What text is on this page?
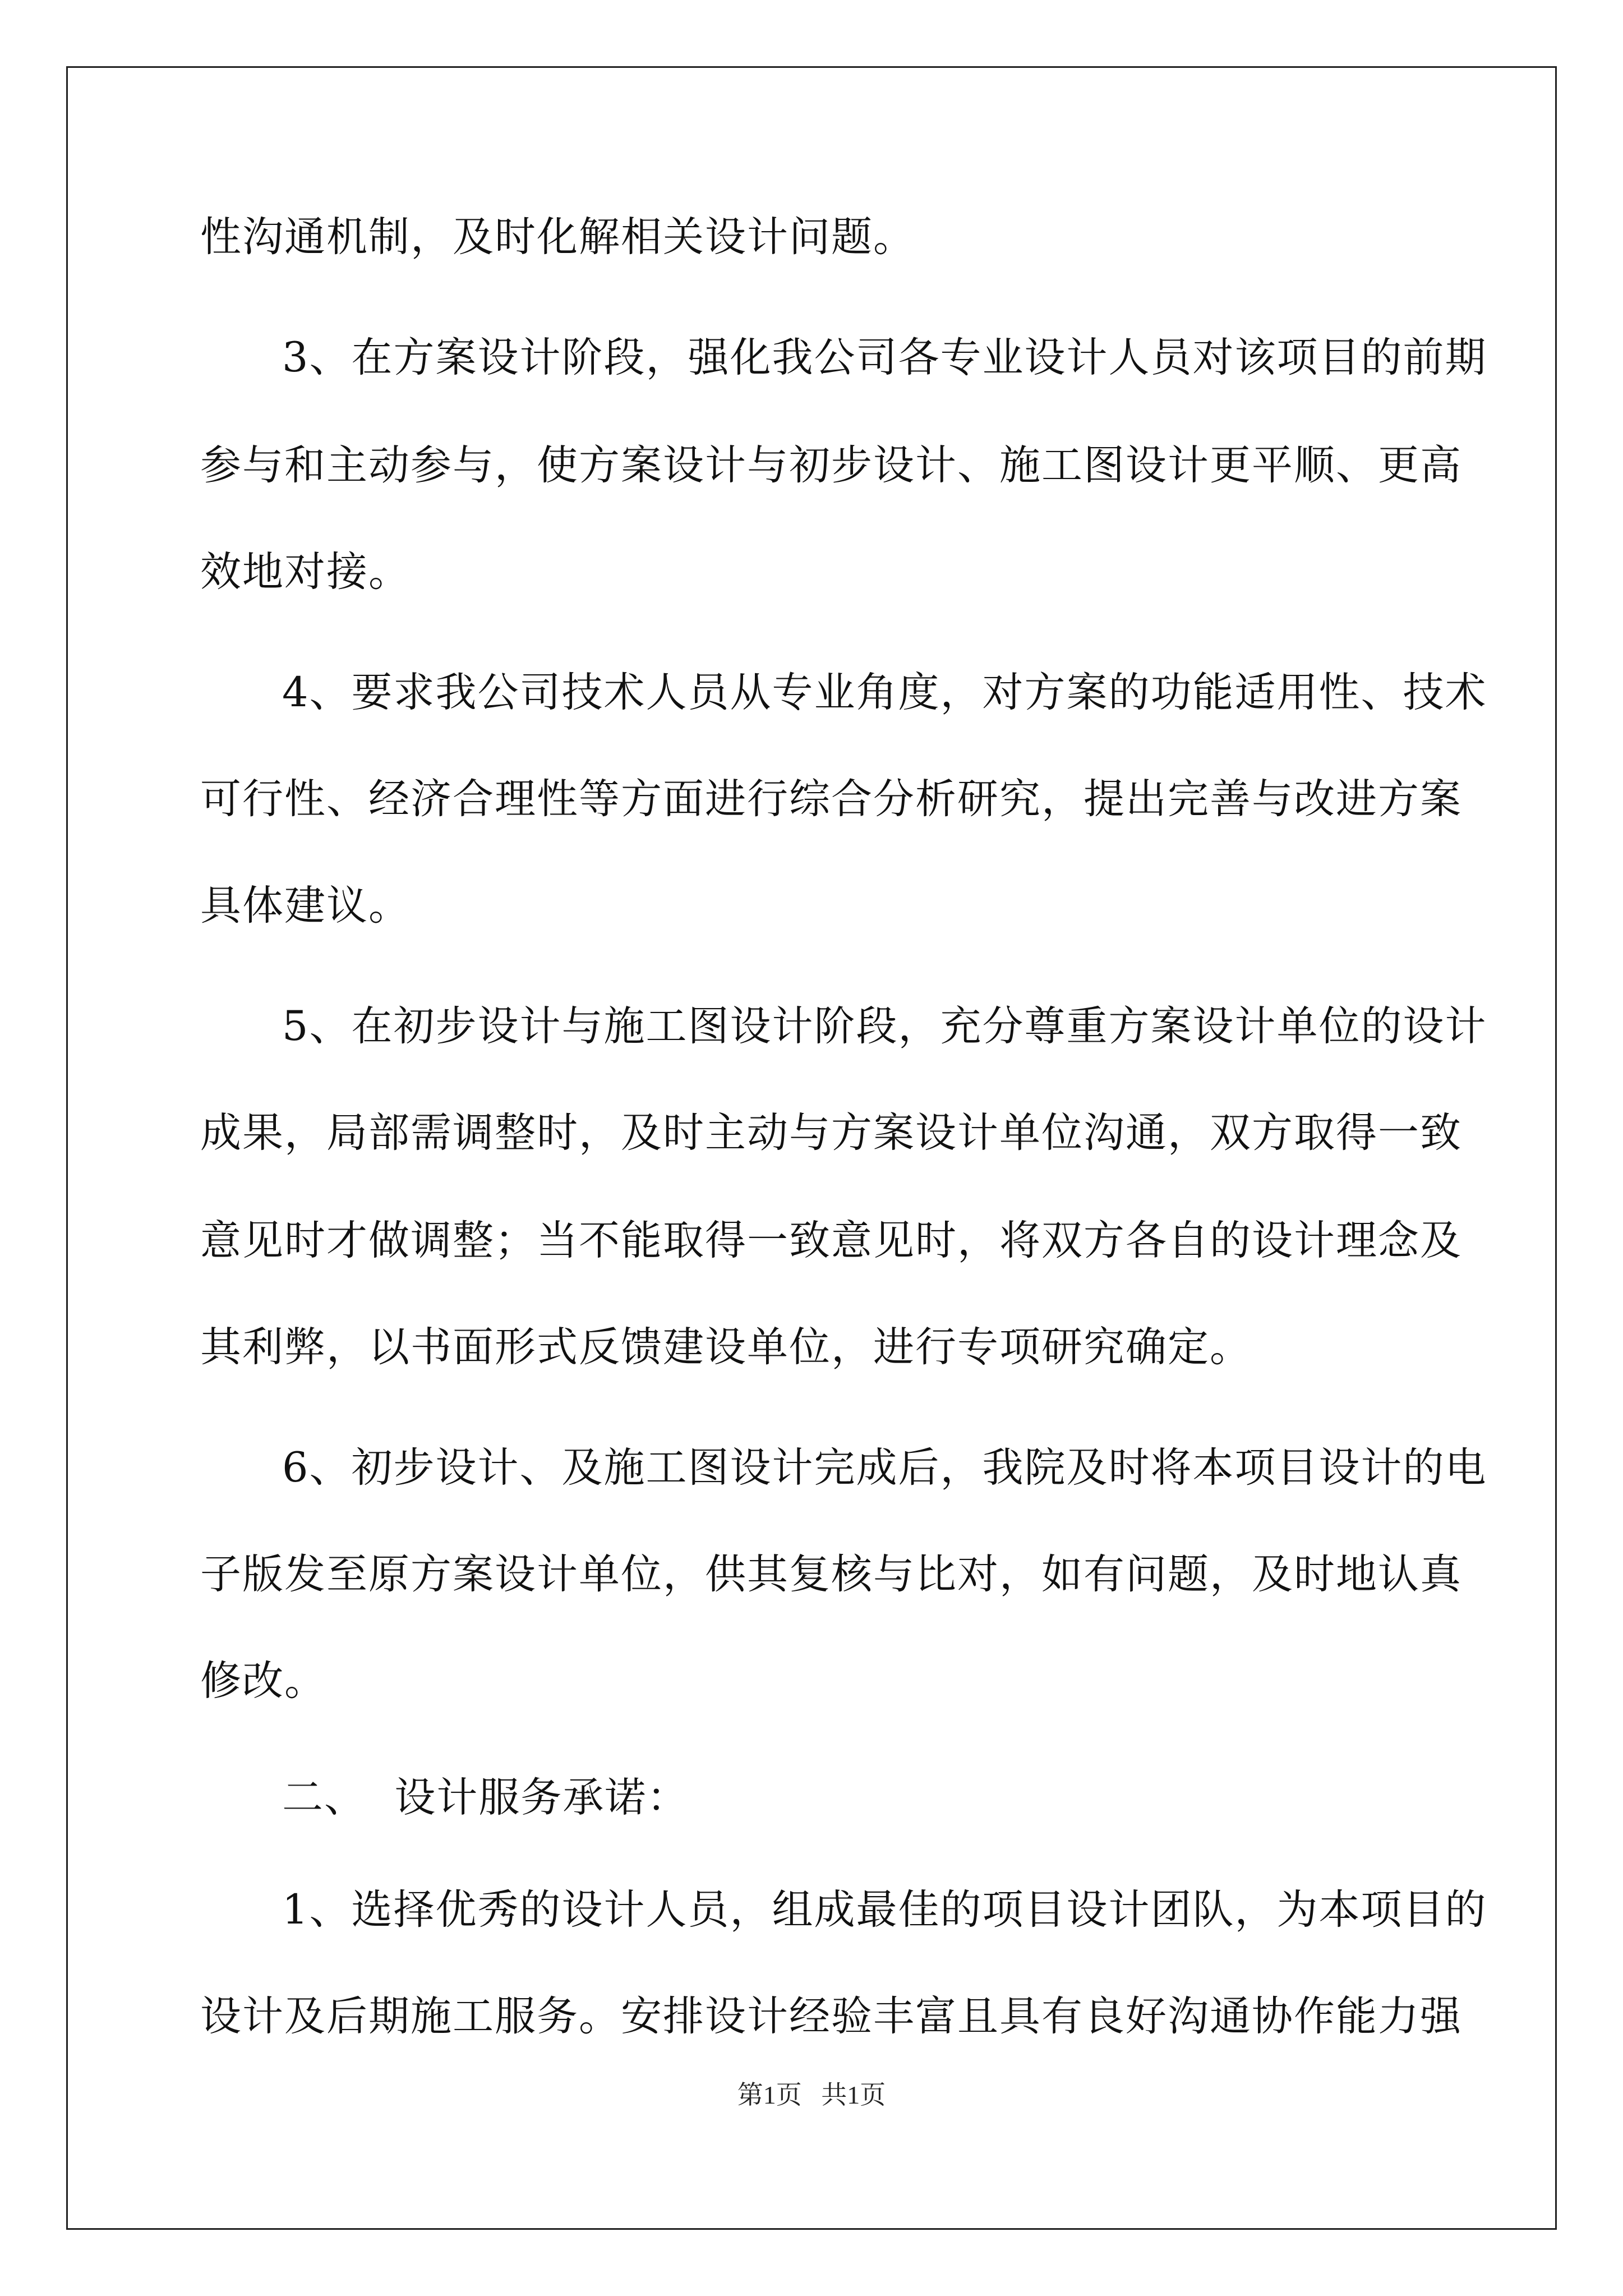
性沟通机制，及时化解相关设计问题。
3、在方案设计阶段，强化我公司各专业设计人员对该项目的前期
参与和主动参与，使方案设计与初步设计、施工图设计更平顺、更高
效地对接。
4、要求我公司技术人员从专业角度，对方案的功能适用性、技术
可行性、经济合理性等方面进行综合分析研究，提出完善与改进方案
具体建议。
5、在初步设计与施工图设计阶段，充分尊重方案设计单位的设计
成果，局部需调整时，及时主动与方案设计单位沟通，双方取得一致
意见时才做调整；当不能取得一致意见时，将双方各自的设计理念及
其利弊，以书面形式反馈建设单位，进行专项研究确定。
6、初步设计、及施工图设计完成后，我院及时将本项目设计的电
子版发至原方案设计单位，供其复核与比对，如有问题，及时地认真
修改。
二、  设计服务承诺：
1、选择优秀的设计人员，组成最佳的项目设计团队，为本项目的
设计及后期施工服务。安排设计经验丰富且具有良好沟通协作能力强
第1页   共1页
